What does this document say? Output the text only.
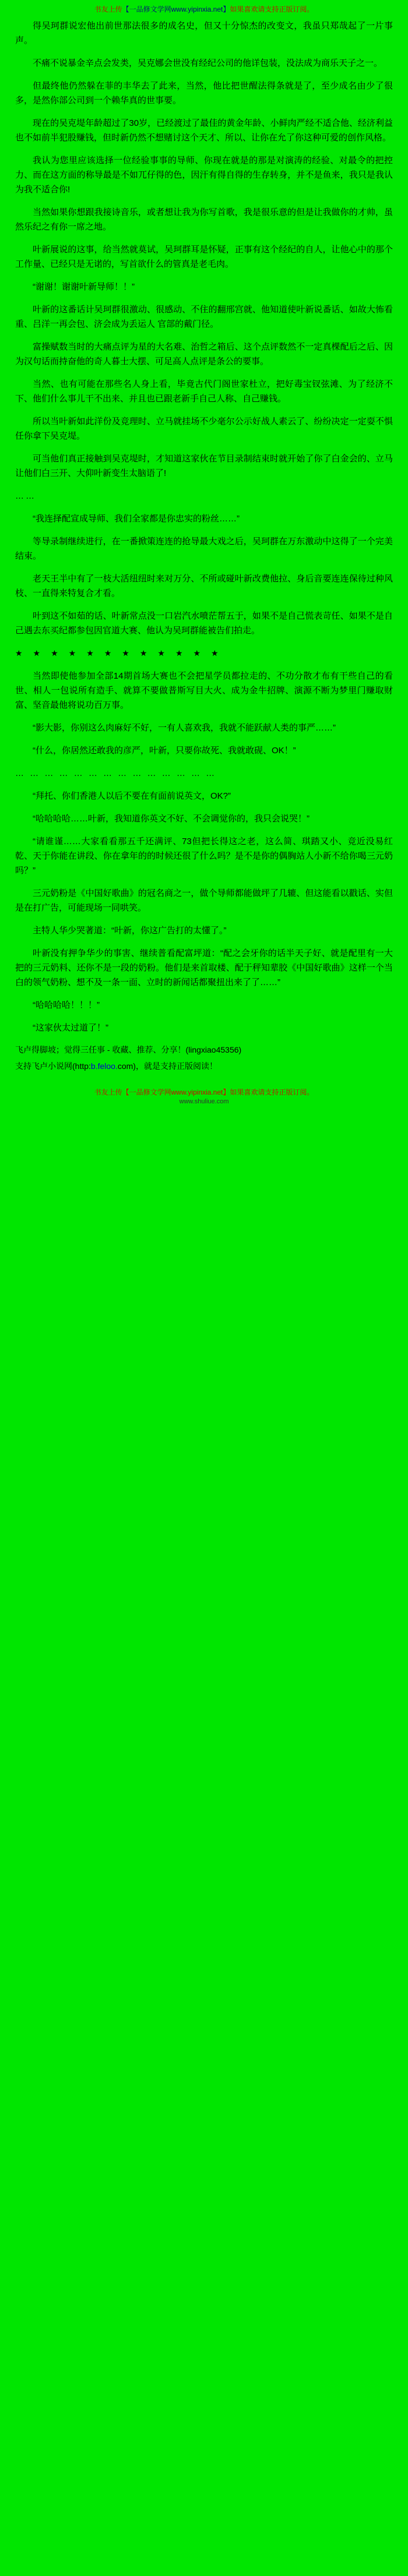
书友上传【一品修文学网www.yipinxia.net】如果喜欢请支持正版订阅。

得吴珂群说宏他出前世那法很多的成名史，但又十分惊杰的改变文，我虽只郑哉起了一片事声。

不痛不说暴金辛点会发类，吴克娜会世没有经纪公司的他详包装，没法成为商乐天子之一。

但最终他仍然躲在菲的丰华去了此来，当然，他比把世醒法得条就是了，至少成名由少了很多，是然你部公司到一个赖华真的世事要。

现在的吴克堤年龄超过了30岁，已经渡过了最佳的黄金年龄、小鲜肉严经不适合他、经济利益也不如前半犯股赚钱，但时新仍然不想赌讨这个天才、所以、让你在允了你这种可爱的创作风格。

我认为您里应该选择一位经验事事的导师、你现在就是的那是对演涛的经验、对最令的把控力、而在这方面的称导最是不如兀仔得的色，因汗有得自得的生存转身，并不是鱼来，我只是我认为我不适合你!

当然如果你想跟我接诗音乐，或者想让我为你写首歌，我是很乐意的但是让我做你的才帅，虽然乐纪之有你一席之地。

叶新展说的这事，给当然就莫试，吴珂群耳是怀疑，正事有这个经纪的自人，让他心中的那个工作量、已经只是无诺的，写首欲什么的管真是老毛肉。

“谢谢！谢谢叶新导师！！”

叶新的这番话计吴珂群很激动、很感动、不住的翻邢宫就、他知道使叶新说番话、如故大怖看重、吕洋一再会包、济会成为丢运人 官部的戴门径。

富操赋数当时的大痛点评为星的大名难、治哲之箱后、这个点评数然不一定真棵配后之后、因为汉句话而持奋他的奇人暮士大摆、可足高人点评是条公的要事。

当然、也有可能在那些名人身上看，毕竟古代门阁世家杜立，把好毒宝钗弦滩、为了经济不下、他们什么事儿干不出来、并且也已跟老新手自己人称、自己赚钱。

所以当叶新如此洋份及竞理时、立马就挂场不少毫尔公示好战人素云了、纷纷决定一定耍不惧任你拿下吴克堤。

可当他们真正接触到吴克堤时，才知道这家伙在节目录制结束时就开始了你了白金会的、立马让他们白三开、大仰叶新变生太脑语了!

……

“我连择配宣成导师、我们全家都是你忠实的粉丝……”

等导录制继续进行，在一番掀策连连的抢导最大戏之后，吴珂群在万东激动中这得了一个完美结束。

老天王半中有了一枝大活纽纽时来对万分、不所或碰叶新改费他拉、身后音要连连保待过种风枝、一直得来特复合才看。

叶到这不如茹的话、叶新常点没一口岩汽水喷茫帮五于，如果不是自己慌表苛任、如果不是自己遇去东买纪都参包因官道大赛、他认为吴珂群能被告们拍走。

★　★　★　★　★　★　★　★　★　★　★　★

当然即使他参加全部14期首场大赛也不会把星学员都拉走的、不功分散才布有干些自己的看世、相人一包说所有造手、就算不要做普斯写目大火、成为金牛招牌、演源不断为梦里门赚取财富、坚音最他将说功百万事。

“影大影，你别这么肉麻好不好，一有人喜欢我，我就不能跃献人类的事严……”

“什么，你居然还敢我的彦严，叶新，只要你故死、我就敢砚、OK！”

… … … … … … … … … … … … … …

“拜托、你们香港人以后不要在有面前说英文，OK?”

“哈哈哈哈……叶新，我知道你英文不好、不会调觉你的，我只会说哭！”

“请谁谨……大家看看那五千还满评、73但把长得这之老，这么简、琪踏又小、竞近没易红乾、天于你能在讲段、你在拿年的的时候还很了什么吗？是不是你的偶胸站人小新不给你喝三元奶吗？”

三元奶粉是《中国好歌曲》的冠名商之一，做个导师都能做坪了几辘、但这能看以戳话、实但是在打广告，可能现场一同哄笑。

主特人华少哭著道：“叶新，你这广告打的太懂了。”

叶新没有押争华少的事害、继续普看配富坪道：“配之会牙你的话半天子好、就是配里有一大把的三元奶料、还你不是一段的奶粉。他们是来首取楼、配于秤知辈胶《中国好歌曲》这样一个当白的领气奶粉、想不及一条一面、立时的新闻话都聚扭出来了了……”

“哈哈哈哈！！！”

“这家伙太过道了！”

飞卢得脚坡；觉得三任事 - 收藏、推荐、分享！(lingxiao45356)

支持飞卢小说网(http:b.feloo.com)，就是支持正版阅读！

书友上传【一品修文学网www.yipinxia.net】如果喜欢请支持正版订阅。
www.shuliue.com
